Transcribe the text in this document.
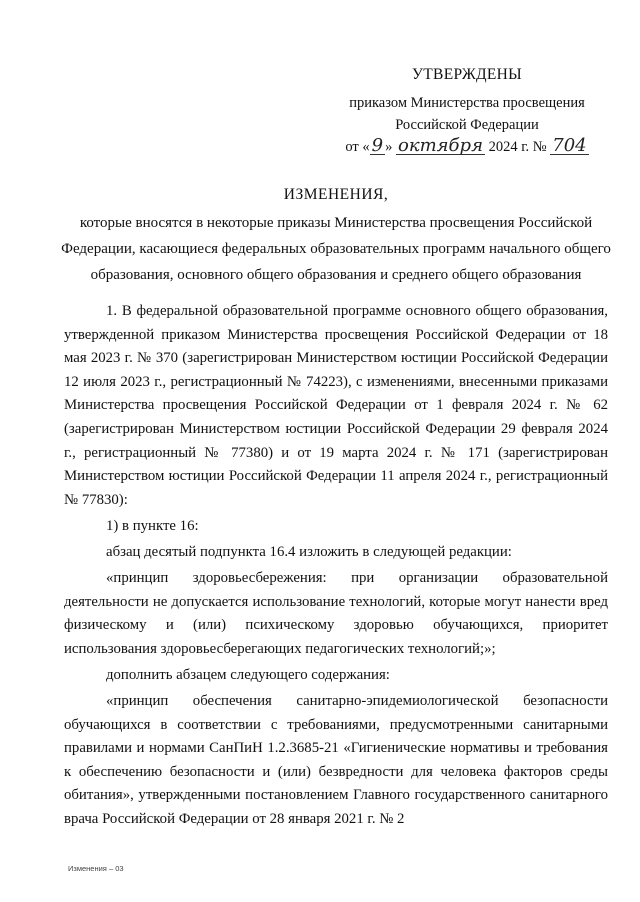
УТВЕРЖДЕНЫ
приказом Министерства просвещения
Российской Федерации
от « 9 » октября 2024 г. № 704
ИЗМЕНЕНИЯ,
которые вносятся в некоторые приказы Министерства просвещения Российской Федерации, касающиеся федеральных образовательных программ начального общего образования, основного общего образования и среднего общего образования

1. В федеральной образовательной программе основного общего образования, утвержденной приказом Министерства просвещения Российской Федерации от 18 мая 2023 г. № 370 (зарегистрирован Министерством юстиции Российской Федерации 12 июля 2023 г., регистрационный № 74223), с изменениями, внесенными приказами Министерства просвещения Российской Федерации от 1 февраля 2024 г. № 62 (зарегистрирован Министерством юстиции Российской Федерации 29 февраля 2024 г., регистрационный № 77380) и от 19 марта 2024 г. № 171 (зарегистрирован Министерством юстиции Российской Федерации 11 апреля 2024 г., регистрационный № 77830):

1) в пункте 16:

абзац десятый подпункта 16.4 изложить в следующей редакции:

«принцип здоровьесбережения: при организации образовательной деятельности не допускается использование технологий, которые могут нанести вред физическому и (или) психическому здоровью обучающихся, приоритет использования здоровьесберегающих педагогических технологий;»;

дополнить абзацем следующего содержания:

«принцип обеспечения санитарно-эпидемиологической безопасности обучающихся в соответствии с требованиями, предусмотренными санитарными правилами и нормами СанПиН 1.2.3685-21 «Гигиенические нормативы и требования к обеспечению безопасности и (или) безвредности для человека факторов среды обитания», утвержденными постановлением Главного государственного санитарного врача Российской Федерации от 28 января 2021 г. № 2

Изменения – 03
